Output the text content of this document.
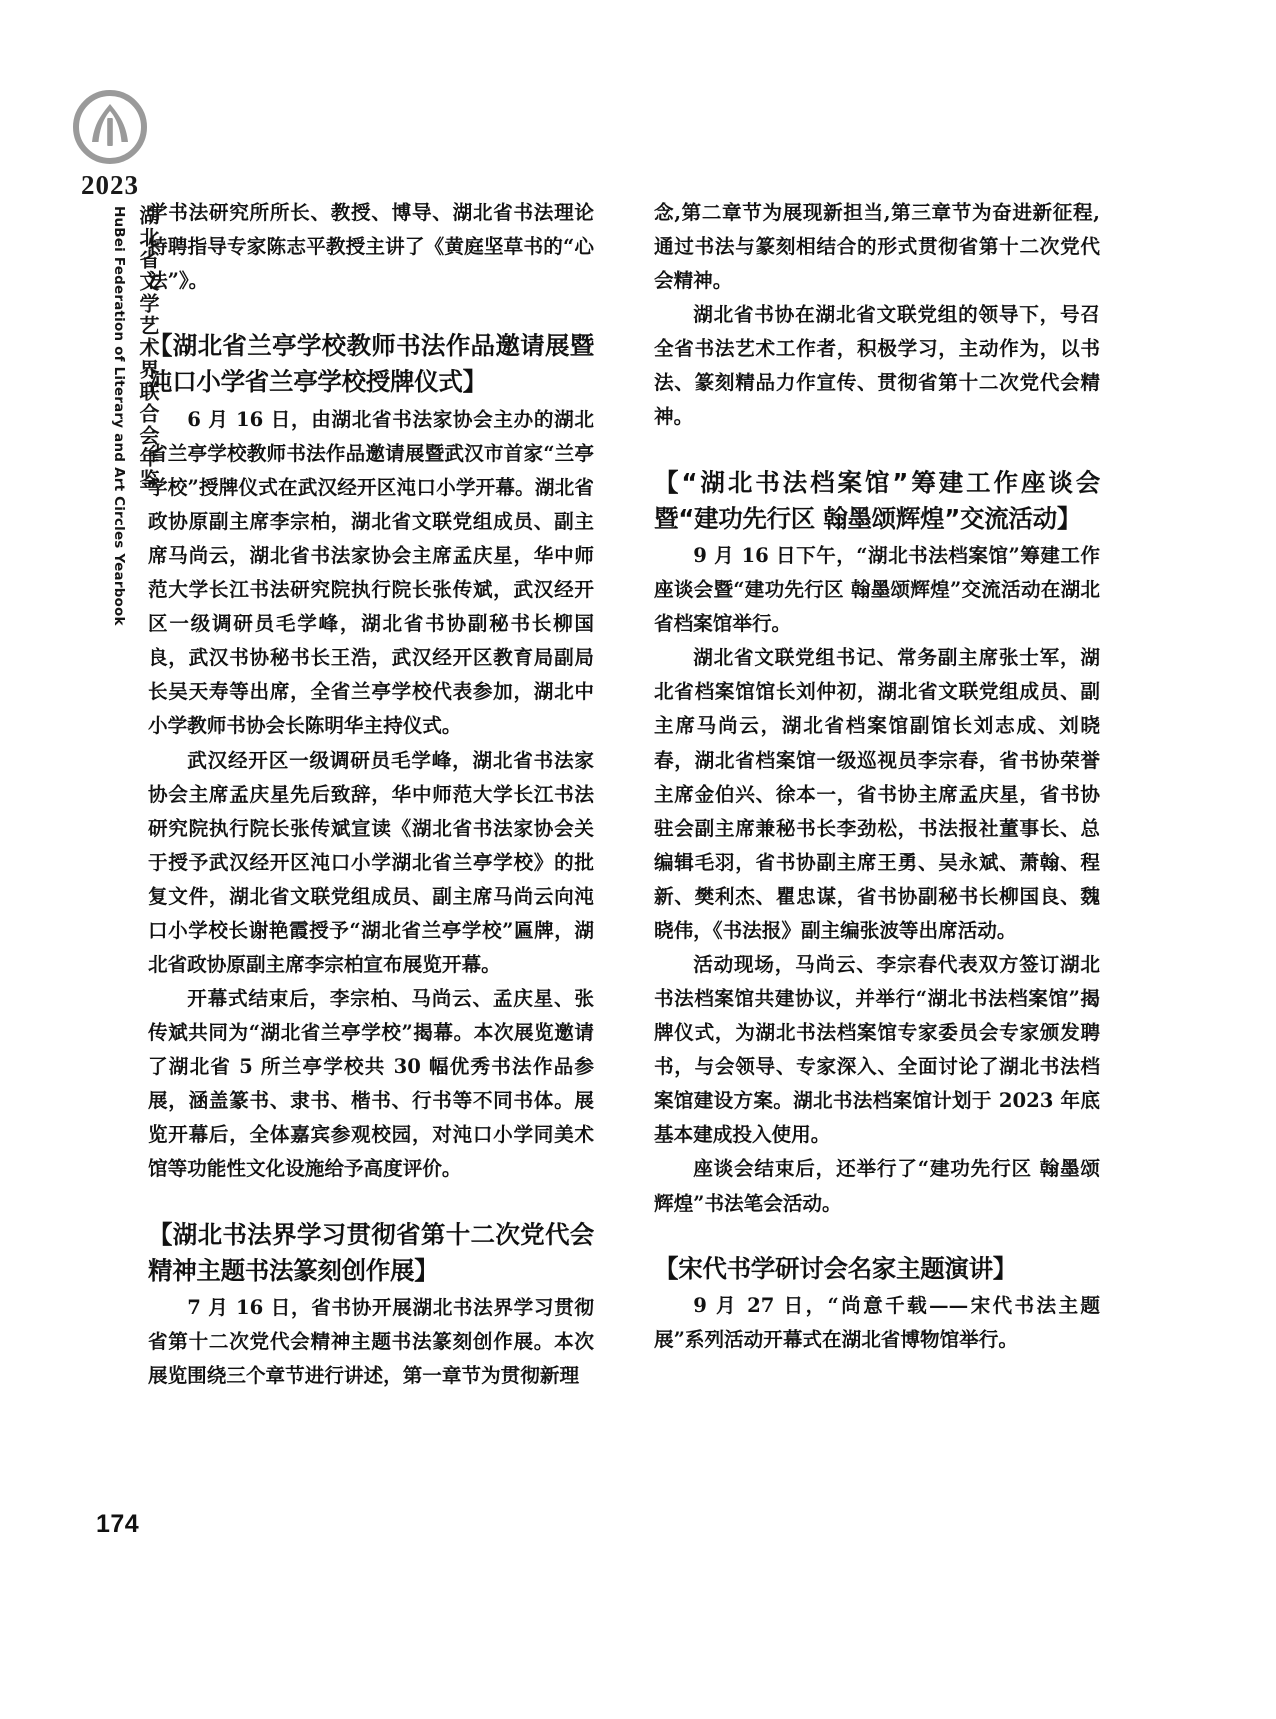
2023
湖北省文学艺术界联合会年鉴
HuBei Federation of Literary and Art Circles Yearbook 学书法研究所所长、教授、博导、湖北省书法理论特聘指导专家陈志平教授主讲了《黄庭坚草书的“心法”》。

【湖北省兰亭学校教师书法作品邀请展暨沌口小学省兰亭学校授牌仪式】

6 月 16 日，由湖北省书法家协会主办的湖北省兰亭学校教师书法作品邀请展暨武汉市首家“兰亭学校”授牌仪式在武汉经开区沌口小学开幕。湖北省政协原副主席李宗柏，湖北省文联党组成员、副主席马尚云，湖北省书法家协会主席孟庆星，华中师范大学长江书法研究院执行院长张传斌，武汉经开区一级调研员毛学峰，湖北省书协副秘书长柳国良，武汉书协秘书长王浩，武汉经开区教育局副局长吴天寿等出席，全省兰亭学校代表参加，湖北中小学教师书协会长陈明华主持仪式。

武汉经开区一级调研员毛学峰，湖北省书法家协会主席孟庆星先后致辞，华中师范大学长江书法研究院执行院长张传斌宣读《湖北省书法家协会关于授予武汉经开区沌口小学湖北省兰亭学校》的批复文件，湖北省文联党组成员、副主席马尚云向沌口小学校长谢艳霞授予“湖北省兰亭学校”匾牌，湖北省政协原副主席李宗柏宣布展览开幕。

开幕式结束后，李宗柏、马尚云、孟庆星、张传斌共同为“湖北省兰亭学校”揭幕。本次展览邀请了湖北省 5 所兰亭学校共 30 幅优秀书法作品参展，涵盖篆书、隶书、楷书、行书等不同书体。展览开幕后，全体嘉宾参观校园，对沌口小学同美术馆等功能性文化设施给予高度评价。

【湖北书法界学习贯彻省第十二次党代会精神主题书法篆刻创作展】

7 月 16 日，省书协开展湖北书法界学习贯彻省第十二次党代会精神主题书法篆刻创作展。本次展览围绕三个章节进行讲述，第一章节为贯彻新理

念,第二章节为展现新担当,第三章节为奋进新征程,通过书法与篆刻相结合的形式贯彻省第十二次党代会精神。

湖北省书协在湖北省文联党组的领导下，号召全省书法艺术工作者，积极学习，主动作为，以书法、篆刻精品力作宣传、贯彻省第十二次党代会精神。

【“湖北书法档案馆”筹建工作座谈会暨“建功先行区 翰墨颂辉煌”交流活动】

9 月 16 日下午，“湖北书法档案馆”筹建工作座谈会暨“建功先行区 翰墨颂辉煌”交流活动在湖北省档案馆举行。

湖北省文联党组书记、常务副主席张士军，湖北省档案馆馆长刘仲初，湖北省文联党组成员、副主席马尚云，湖北省档案馆副馆长刘志成、刘晓春，湖北省档案馆一级巡视员李宗春，省书协荣誉主席金伯兴、徐本一，省书协主席孟庆星，省书协驻会副主席兼秘书长李劲松，书法报社董事长、总编辑毛羽，省书协副主席王勇、吴永斌、萧翰、程新、樊利杰、瞿忠谋，省书协副秘书长柳国良、魏晓伟，《书法报》副主编张波等出席活动。

活动现场，马尚云、李宗春代表双方签订湖北书法档案馆共建协议，并举行“湖北书法档案馆”揭牌仪式，为湖北书法档案馆专家委员会专家颁发聘书，与会领导、专家深入、全面讨论了湖北书法档案馆建设方案。湖北书法档案馆计划于 2023 年底基本建成投入使用。

座谈会结束后，还举行了“建功先行区 翰墨颂辉煌”书法笔会活动。

【宋代书学研讨会名家主题演讲】

9 月 27 日，“尚意千载——宋代书法主题展”系列活动开幕式在湖北省博物馆举行。

174
